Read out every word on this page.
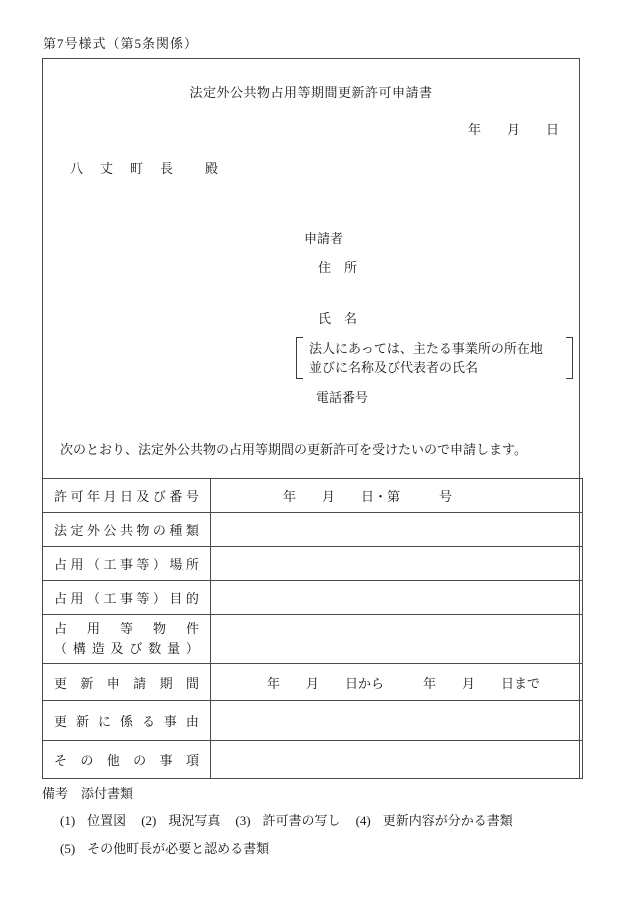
第7号様式（第5条関係）
法定外公共物占用等期間更新許可申請書
年　　月　　日
八　丈　町　長　　殿
申請者
住　所
氏　名
法人にあっては、主たる事業所の所在地
並びに名称及び代表者の氏名
電話番号
次のとおり、法定外公共物の占用等期間の更新許可を受けたいので申請します。
許 可 年 月 日 及 び 番 号	年　　月　　日・第　　　号

法 定 外 公 共 物 の 種 類

占 用 （ 工 事 等 ） 場 所

占 用 （ 工 事 等 ） 目 的

占 用 等 物 件
（ 構 造 及 び 数 量 ）

更 新 申 請 期 間	年　　月　　日から　　　年　　月　　日まで

更 新 に 係 る 事 由

そ の 他 の 事 項

備考 添付書類
(1) 位置図 (2) 現況写真 (3) 許可書の写し (4) 更新内容が分かる書類
(5) その他町長が必要と認める書類
